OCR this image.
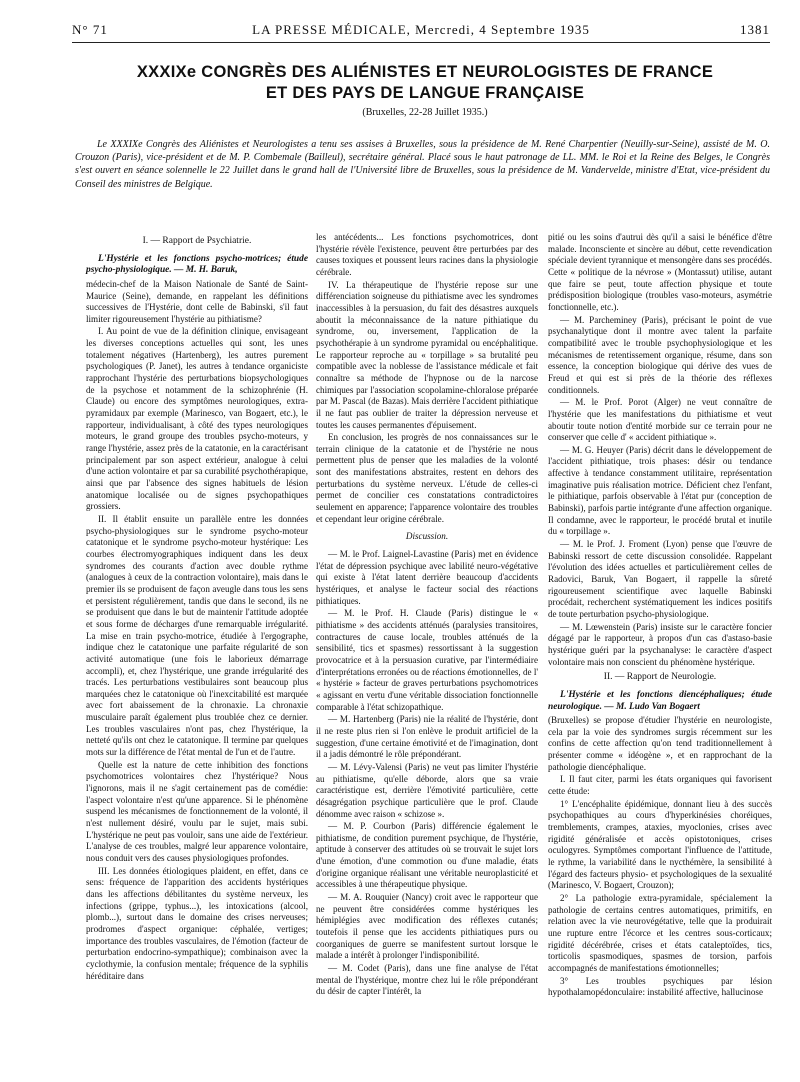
N° 71	LA PRESSE MÉDICALE, Mercredi, 4 Septembre 1935	1381
XXXIXe CONGRÈS DES ALIÉNISTES ET NEUROLOGISTES DE FRANCE
ET DES PAYS DE LANGUE FRANÇAISE
(Bruxelles, 22-28 Juillet 1935.)
Le XXXIXe Congrès des Aliénistes et Neurologistes a tenu ses assises à Bruxelles, sous la présidence de M. René Charpentier (Neuilly-sur-Seine), assisté de M. O. Crouzon (Paris), vice-président et de M. P. Combemale (Bailleul), secrétaire général. Placé sous le haut patronage de LL. MM. le Roi et la Reine des Belges, le Congrès s'est ouvert en séance solennelle le 22 Juillet dans le grand hall de l'Université libre de Bruxelles, sous la présidence de M. Vandervelde, ministre d'Etat, vice-président du Conseil des ministres de Belgique.
I. — Rapport de Psychiatrie.
L'Hystérie et les fonctions psycho-motrices; étude psycho-physiologique. — M. H. Baruk,

médecin-chef de la Maison Nationale de Santé de Saint-Maurice (Seine), demande, en rappelant les définitions successives de l'Hystérie, dont celle de Babinski, s'il faut limiter rigoureusement l'hystérie au pithiatisme?

I. Au point de vue de la définition clinique, envisageant les diverses conceptions actuelles qui sont, les unes totalement négatives (Hartenberg), les autres purement psychologiques (P. Janet), les autres à tendance organiciste rapprochant l'hystérie des perturbations biopsychologiques de la psychose et notamment de la schizophrénie (H. Claude) ou encore des symptômes neurologiques, extra-pyramidaux par exemple (Marinesco, van Bogaert, etc.), le rapporteur, individualisant, à côté des types neurologiques moteurs, le grand groupe des troubles psycho-moteurs, y range l'hystérie, assez près de la catatonie, en la caractérisant principalement par son aspect extérieur, analogue à celui d'une action volontaire et par sa curabilité psychothérapique, ainsi que par l'absence des signes habituels de lésion anatomique localisée ou de signes psychopathiques grossiers.

II. Il établit ensuite un parallèle entre les données psycho-physiologiques sur le syndrome psycho-moteur catatonique et le syndrome psycho-moteur hystérique: Les courbes électromyographiques indiquent dans les deux syndromes des courants d'action avec double rythme (analogues à ceux de la contraction volontaire), mais dans le premier ils se produisent de façon aveugle dans tous les sens et persistent régulièrement, tandis que dans le second, ils ne se produisent que dans le but de maintenir l'attitude adoptée et sous forme de décharges d'une remarquable irrégularité. La mise en train psycho-motrice, étudiée à l'ergographe, indique chez le catatonique une parfaite régularité de son activité automatique (une fois le laborieux démarrage accompli), et, chez l'hystérique, une grande irrégularité des tracés. Les perturbations vestibulaires sont beaucoup plus marquées chez le catatonique où l'inexcitabilité est marquée avec fort abaissement de la chronaxie. La chronaxie musculaire paraît également plus troublée chez ce dernier. Les troubles vasculaires n'ont pas, chez l'hystérique, la netteté qu'ils ont chez le catatonique. Il termine par quelques mots sur la différence de l'état mental de l'un et de l'autre.

Quelle est la nature de cette inhibition des fonctions psychomotrices volontaires chez l'hystérique? Nous l'ignorons, mais il ne s'agit certainement pas de comédie: l'aspect volontaire n'est qu'une apparence. Si le phénomène suspend les mécanismes de fonctionnement de la volonté, il n'est nullement désiré, voulu par le sujet, mais subi. L'hystérique ne peut pas vouloir, sans une aide de l'extérieur. L'analyse de ces troubles, malgré leur apparence volontaire, nous conduit vers des causes physiologiques profondes.

III. Les données étiologiques plaident, en effet, dans ce sens: fréquence de l'apparition des accidents hystériques dans les affections débilitantes du système nerveux, les infections (grippe, typhus...), les intoxications (alcool, plomb...), surtout dans le domaine des crises nerveuses; prodromes d'aspect organique: céphalée, vertiges; importance des troubles vasculaires, de l'émotion (facteur de perturbation endocrino-sympathique); combinaison avec la cyclothymie, la confusion mentale; fréquence de la syphilis héréditaire dans

les antécédents... Les fonctions psychomotrices, dont l'hystérie révèle l'existence, peuvent être perturbées par des causes toxiques et poussent leurs racines dans la physiologie cérébrale.

IV. La thérapeutique de l'hystérie repose sur une différenciation soigneuse du pithiatisme avec les syndromes inaccessibles à la persuasion, du fait des désastres auxquels aboutit la méconnaissance de la nature pithiatique du syndrome, ou, inversement, l'application de la psychothérapie à un syndrome pyramidal ou encéphalitique. Le rapporteur reproche au « torpillage » sa brutalité peu compatible avec la noblesse de l'assistance médicale et fait connaître sa méthode de l'hypnose ou de la narcose chimiques par l'association scopolamine-chloralose préparée par M. Pascal (de Bazas). Mais derrière l'accident pithiatique il ne faut pas oublier de traiter la dépression nerveuse et toutes les causes permanentes d'épuisement.

En conclusion, les progrès de nos connaissances sur le terrain clinique de la catatonie et de l'hystérie ne nous permettent plus de penser que les maladies de la volonté sont des manifestations abstraites, restent en dehors des perturbations du système nerveux. L'étude de celles-ci permet de concilier ces constatations contradictoires seulement en apparence; l'apparence volontaire des troubles et cependant leur origine cérébrale.

Discussion.

— M. le Prof. Laignel-Lavastine (Paris) met en évidence l'état de dépression psychique avec labilité neuro-végétative qui existe à l'état latent derrière beaucoup d'accidents hystériques, et analyse le facteur social des réactions pithiatiques.

— M. le Prof. H. Claude (Paris) distingue le « pithiatisme » des accidents atténués (paralysies transitoires, contractures de cause locale, troubles atténués de la sensibilité, tics et spasmes) ressortissant à la suggestion provocatrice et à la persuasion curative, par l'intermédiaire d'interprétations erronées ou de réactions émotionnelles, de l' « hystérie » facteur de graves perturbations psychomotrices « agissant en vertu d'une véritable dissociation fonctionnelle comparable à l'état schizopathique.

— M. Hartenberg (Paris) nie la réalité de l'hystérie, dont il ne reste plus rien si l'on enlève le produit artificiel de la suggestion, d'une certaine émotivité et de l'imagination, dont il a jadis démontré le rôle prépondérant.

— M. Lévy-Valensi (Paris) ne veut pas limiter l'hystérie au pithiatisme, qu'elle déborde, alors que sa vraie caractéristique est, derrière l'émotivité particulière, cette désagrégation psychique particulière que le prof. Claude dénomme avec raison « schizose ».

— M. P. Courbon (Paris) différencie également le pithiatisme, de condition purement psychique, de l'hystérie, aptitude à conserver des attitudes où se trouvait le sujet lors d'une émotion, d'une commotion ou d'une maladie, états d'origine organique réalisant une véritable neuroplasticité et accessibles à une thérapeutique physique.

— M. A. Rouquier (Nancy) croit avec le rapporteur que ne peuvent être considérées comme hystériques les hémiplégies avec modification des réflexes cutanés; toutefois il pense que les accidents pithiatiques purs ou coorganiques de guerre se manifestent surtout lorsque le malade a intérêt à prolonger l'indisponibilité.

— M. Codet (Paris), dans une fine analyse de l'état mental de l'hystérique, montre chez lui le rôle prépondérant du désir de capter l'intérêt, la

pitié ou les soins d'autrui dès qu'il a saisi le bénéfice d'être malade. Inconsciente et sincère au début, cette revendication spéciale devient tyrannique et mensongère dans ses procédés. Cette « politique de la névrose » (Montassut) utilise, autant que faire se peut, toute affection physique et toute prédisposition biologique (troubles vaso-moteurs, asymétrie fonctionnelle, etc.).

— M. Parcheminey (Paris), précisant le point de vue psychanalytique dont il montre avec talent la parfaite compatibilité avec le trouble psychophysiologique et les mécanismes de retentissement organique, résume, dans son essence, la conception biologique qui dérive des vues de Freud et qui est si près de la théorie des réflexes conditionnels.

— M. le Prof. Porot (Alger) ne veut connaître de l'hystérie que les manifestations du pithiatisme et veut aboutir toute notion d'entité morbide sur ce terrain pour ne conserver que celle d' « accident pithiatique ».

— M. G. Heuyer (Paris) décrit dans le développement de l'accident pithiatique, trois phases: désir ou tendance affective à tendance constamment utilitaire, représentation imaginative puis réalisation motrice. Déficient chez l'enfant, le pithiatique, parfois observable à l'état pur (conception de Babinski), parfois partie intégrante d'une affection organique. Il condamne, avec le rapporteur, le procédé brutal et inutile du « torpillage ».

— M. le Prof. J. Froment (Lyon) pense que l'œuvre de Babinski ressort de cette discussion consolidée. Rappelant l'évolution des idées actuelles et particulièrement celles de Radovici, Baruk, Van Bogaert, il rappelle la sûreté rigoureusement scientifique avec laquelle Babinski procédait, recherchent systématiquement les indices positifs de toute perturbation psycho-physiologique.

— M. Lœwenstein (Paris) insiste sur le caractère foncier dégagé par le rapporteur, à propos d'un cas d'astaso-basie hystérique guéri par la psychanalyse: le caractère d'aspect volontaire mais non conscient du phénomène hystérique.

II. — Rapport de Neurologie.
L'Hystérie et les fonctions diencéphaliques; étude neurologique. — M. Ludo Van Bogaert

(Bruxelles) se propose d'étudier l'hystérie en neurologiste, cela par la voie des syndromes surgis récemment sur les confins de cette affection qu'on tend traditionnellement à présenter comme « idéogène », et en rapprochant de la pathologie diencéphalique.

I. Il faut citer, parmi les états organiques qui favorisent cette étude:

1° L'encéphalite épidémique, donnant lieu à des succès psychopathiques au cours d'hyperkinésies choréiques, tremblements, crampes, ataxies, myoclonies, crises avec rigidité généralisée et accès opistotoniques, crises oculogyres. Symptômes comportant l'influence de l'attitude, le rythme, la variabilité dans le nycthémère, la sensibilité à l'égard des facteurs physio- et psychologiques de la sexualité (Marinesco, V. Bogaert, Crouzon);

2° La pathologie extra-pyramidale, spécialement la pathologie de certains centres automatiques, primitifs, en relation avec la vie neurovégétative, telle que la produirait une rupture entre l'écorce et les centres sous-corticaux; rigidité décérébrée, crises et états cataleptoïdes, tics, torticolis spasmodiques, spasmes de torsion, parfois accompagnés de manifestations émotionnelles;

3° Les troubles psychiques par lésion hypothalamopédonculaire: instabilité affective, hallucinose
